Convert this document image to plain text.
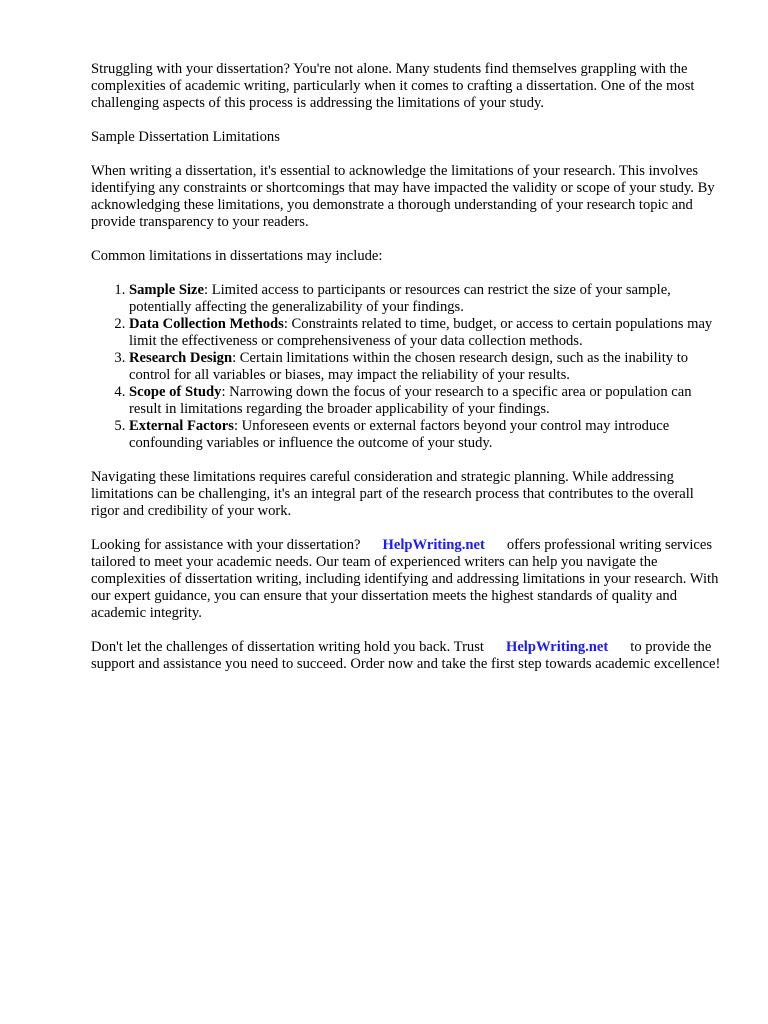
Struggling with your dissertation? You're not alone. Many students find themselves grappling with the complexities of academic writing, particularly when it comes to crafting a dissertation. One of the most challenging aspects of this process is addressing the limitations of your study.

Sample Dissertation Limitations

When writing a dissertation, it's essential to acknowledge the limitations of your research. This involves identifying any constraints or shortcomings that may have impacted the validity or scope of your study. By acknowledging these limitations, you demonstrate a thorough understanding of your research topic and provide transparency to your readers.

Common limitations in dissertations may include:

1. Sample Size: Limited access to participants or resources can restrict the size of your sample, potentially affecting the generalizability of your findings.
2. Data Collection Methods: Constraints related to time, budget, or access to certain populations may limit the effectiveness or comprehensiveness of your data collection methods.
3. Research Design: Certain limitations within the chosen research design, such as the inability to control for all variables or biases, may impact the reliability of your results.
4. Scope of Study: Narrowing down the focus of your research to a specific area or population can result in limitations regarding the broader applicability of your findings.
5. External Factors: Unforeseen events or external factors beyond your control may introduce confounding variables or influence the outcome of your study.

Navigating these limitations requires careful consideration and strategic planning. While addressing limitations can be challenging, it's an integral part of the research process that contributes to the overall rigor and credibility of your work.

Looking for assistance with your dissertation? HelpWriting.net offers professional writing services tailored to meet your academic needs. Our team of experienced writers can help you navigate the complexities of dissertation writing, including identifying and addressing limitations in your research. With our expert guidance, you can ensure that your dissertation meets the highest standards of quality and academic integrity.

Don't let the challenges of dissertation writing hold you back. Trust HelpWriting.net to provide the support and assistance you need to succeed. Order now and take the first step towards academic excellence!
